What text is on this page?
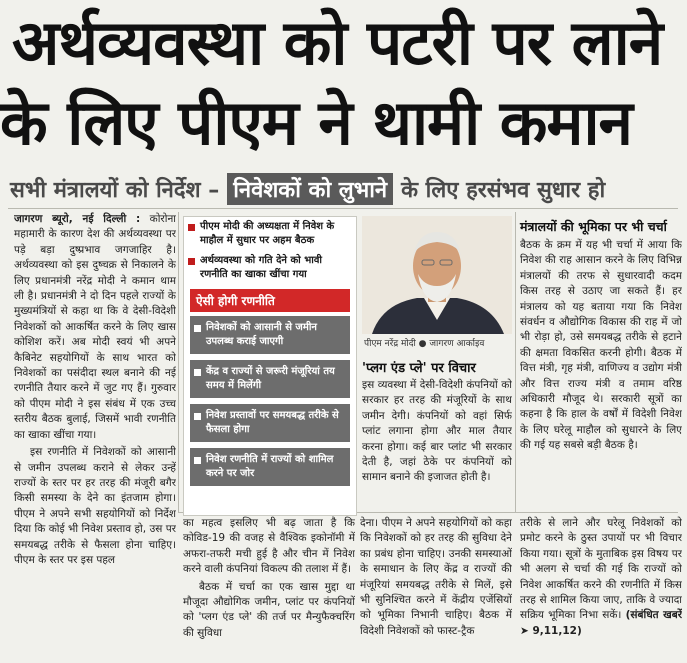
अर्थव्यवस्था को पटरी पर लाने
के लिए पीएम ने थामी कमान
सभी मंत्रालयों को निर्देश – निवेशकों को लुभाने के लिए हरसंभव सुधार हो

जागरण ब्यूरो, नई दिल्ली : कोरोना महामारी के कारण देश की अर्थव्यवस्था पर पड़े बड़ा दुष्प्रभाव जगजाहिर है। अर्थव्यवस्था को इस दुष्चक्र से निकालने के लिए प्रधानमंत्री नरेंद्र मोदी ने कमान थाम ली है। प्रधानमंत्री ने दो दिन पहले राज्यों के मुख्यमंत्रियों से कहा था कि वे देसी-विदेशी निवेशकों को आकर्षित करने के लिए खास कोशिश करें। अब मोदी स्वयं भी अपने कैबिनेट सहयोगियों के साथ भारत को निवेशकों का पसंदीदा स्थल बनाने की नई रणनीति तैयार करने में जुट गए हैं। गुरुवार को पीएम मोदी ने इस संबंध में एक उच्च स्तरीय बैठक बुलाई, जिसमें भावी रणनीति का खाका खींचा गया।

इस रणनीति में निवेशकों को आसानी से जमीन उपलब्ध कराने से लेकर उन्हें राज्यों के स्तर पर हर तरह की मंजूरी बगैर किसी समस्या के देने का इंतजाम होगा। पीएम ने अपने सभी सहयोगियों को निर्देश दिया कि कोई भी निवेश प्रस्ताव हो, उस पर समयबद्ध तरीके से फैसला होना चाहिए। पीएम के स्तर पर इस पहल

पीएम मोदी की अध्यक्षता में निवेश के माहौल में सुधार पर अहम बैठक
अर्थव्यवस्था को गति देने को भावी रणनीति का खाका खींचा गया
ऐसी होगी रणनीति
निवेशकों को आसानी से जमीन उपलब्ध कराई जाएगी
केंद्र व राज्यों से जरूरी मंजूरियां तय समय में मिलेंगी
निवेश प्रस्तावों पर समयबद्ध तरीके से फैसला होगा
निवेश रणनीति में राज्यों को शामिल करने पर जोर
पीएम नरेंद्र मोदी ● जागरण आर्काइव
'प्लग एंड प्ले' पर विचार

इस व्यवस्था में देसी-विदेशी कंपनियों को सरकार हर तरह की मंजूरियों के साथ जमीन देगी। कंपनियों को वहां सिर्फ प्लांट लगाना होगा और माल तैयार करना होगा। कई बार प्लांट भी सरकार देती है, जहां ठेके पर कंपनियों को सामान बनाने की इजाजत होती है।

मंत्रालयों की भूमिका पर भी चर्चा

बैठक के क्रम में यह भी चर्चा में आया कि निवेश की राह आसान करने के लिए विभिन्न मंत्रालयों की तरफ से सुधारवादी कदम किस तरह से उठाए जा सकते हैं। हर मंत्रालय को यह बताया गया कि निवेश संवर्धन व औद्योगिक विकास की राह में जो भी रोड़ा हो, उसे समयबद्ध तरीके से हटाने की क्षमता विकसित करनी होगी। बैठक में वित्त मंत्री, गृह मंत्री, वाणिज्य व उद्योग मंत्री और वित्त राज्य मंत्री व तमाम वरिष्ठ अधिकारी मौजूद थे। सरकारी सूत्रों का कहना है कि हाल के वर्षों में विदेशी निवेश के लिए घरेलू माहौल को सुधारने के लिए की गई यह सबसे बड़ी बैठक है।

का महत्व इसलिए भी बढ़ जाता है कि कोविड-19 की वजह से वैश्विक इकोनॉमी में अफरा-तफरी मची हुई है और चीन में निवेश करने वाली कंपनियां विकल्प की तलाश में हैं।

बैठक में चर्चा का एक खास मुद्दा था मौजूदा औद्योगिक जमीन, प्लांट पर कंपनियों को 'प्लग एंड प्ले' की तर्ज पर मैन्युफैक्चरिंग की सुविधा

देना। पीएम ने अपने सहयोगियों को कहा कि निवेशकों को हर तरह की सुविधा देने का प्रबंध होना चाहिए। उनकी समस्याओं के समाधान के लिए केंद्र व राज्यों की मंजूरियां समयबद्ध तरीके से मिलें, इसे भी सुनिश्चित करने में केंद्रीय एजेंसियों को भूमिका निभानी चाहिए। बैठक में विदेशी निवेशकों को फास्ट-ट्रैक

तरीके से लाने और घरेलू निवेशकों को प्रमोट करने के ठुस्त उपायों पर भी विचार किया गया। सूत्रों के मुताबिक इस विषय पर भी अलग से चर्चा की गई कि राज्यों को निवेश आकर्षित करने की रणनीति में किस तरह से शामिल किया जाए, ताकि वे ज्यादा सक्रिय भूमिका निभा सकें। (संबंधित खबरें ➤ 9,11,12)
